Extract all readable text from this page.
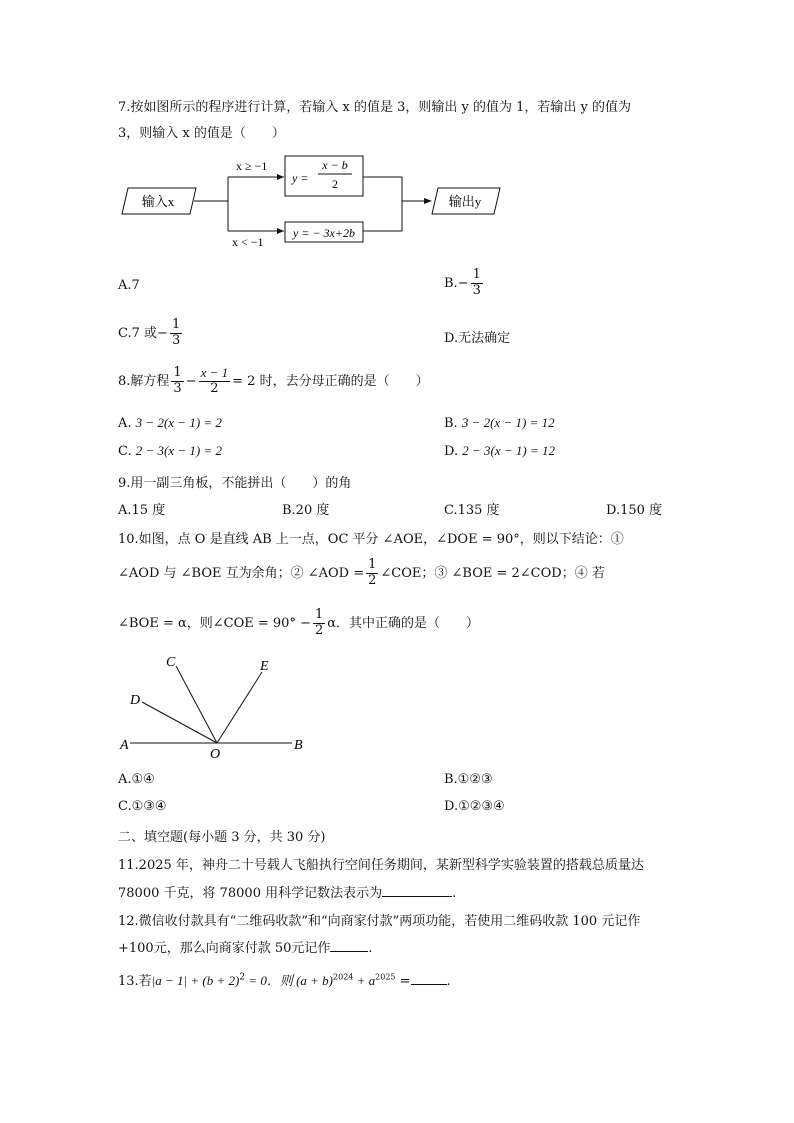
7.按如图所示的程序进行计算，若输入 x 的值是 3，则输出 y 的值为 1，若输出 y 的值为
3，则输入 x 的值是（　　）
输入x
x ≥ −1
y =
x − b
2
x < −1
y = − 3x+2b
输出y
A.7	$B.- \frac{1}{3}$
C.7 或− $\frac{1}{3}$	D.无法确定
8.解方程 $\frac{1}{3} - \frac{x - 1}{2} = 2$ 时，去分母正确的是（　　）
A. 3 − 2(x − 1) = 2	B. 3 − 2(x − 1) = 12
C. 2 − 3(x − 1) = 2	D. 2 − 3(x − 1) = 12
9.用一副三角板，不能拼出（　　）的角
A.15 度	B.20 度	C.135 度	D.150 度
10.如图，点 O 是直线 AB 上一点，OC 平分 ∠AOE，∠DOE = 90°，则以下结论：①
∠AOD 与 ∠BOE 互为余角；② ∠AOD = $\frac{1}{2}$ ∠COE；③ ∠BOE = 2∠COD；④ 若
∠BOE = α，则∠COE = $90^\circ - \frac{1}{2}$ α．其中正确的是（　　）
A	B
C
D
E
O
A.①④	B.①②③
C.①③④	D.①②③④
二、填空题(每小题 3 分，共 30 分)
11.2025 年，神舟二十号载人飞船执行空间任务期间，某新型科学实验装置的搭载总质量达
78000 千克，将 78000 用科学记数法表示为	.
12.微信收付款具有“二维码收款”和“向商家付款”两项功能，若使用二维码收款 100 元记作
+100元，那么向商家付款 50元记作	.
13.若$|a - 1| + (b + 2)^2 = 0$．则 $(a + b)^{2024} + a^{2025}$ =	.
